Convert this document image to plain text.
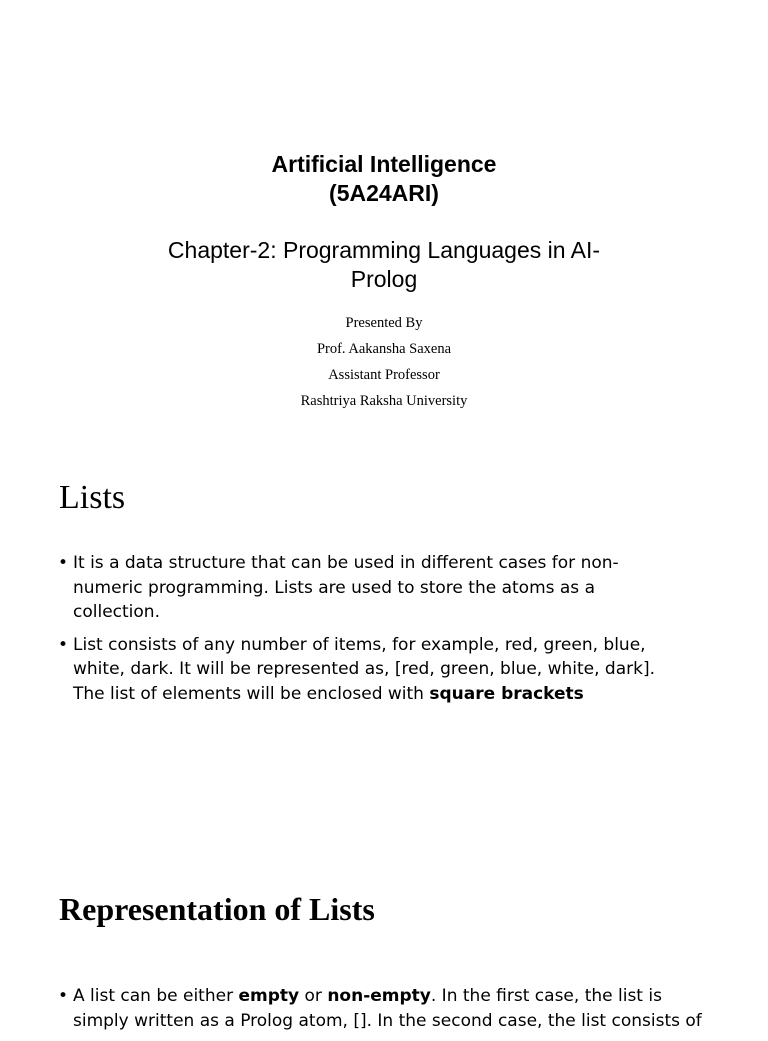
Artificial Intelligence
(5A24ARI)
Chapter-2: Programming Languages in AI-
Prolog
Presented By
Prof. Aakansha Saxena
Assistant Professor
Rashtriya Raksha University
Lists
• It is a data structure that can be used in different cases for non-
numeric programming. Lists are used to store the atoms as a
collection.
• List consists of any number of items, for example, red, green, blue,
white, dark. It will be represented as, [red, green, blue, white, dark].
The list of elements will be enclosed with square brackets
Representation of Lists
• A list can be either empty or non-empty. In the first case, the list is
simply written as a Prolog atom, []. In the second case, the list consists of
